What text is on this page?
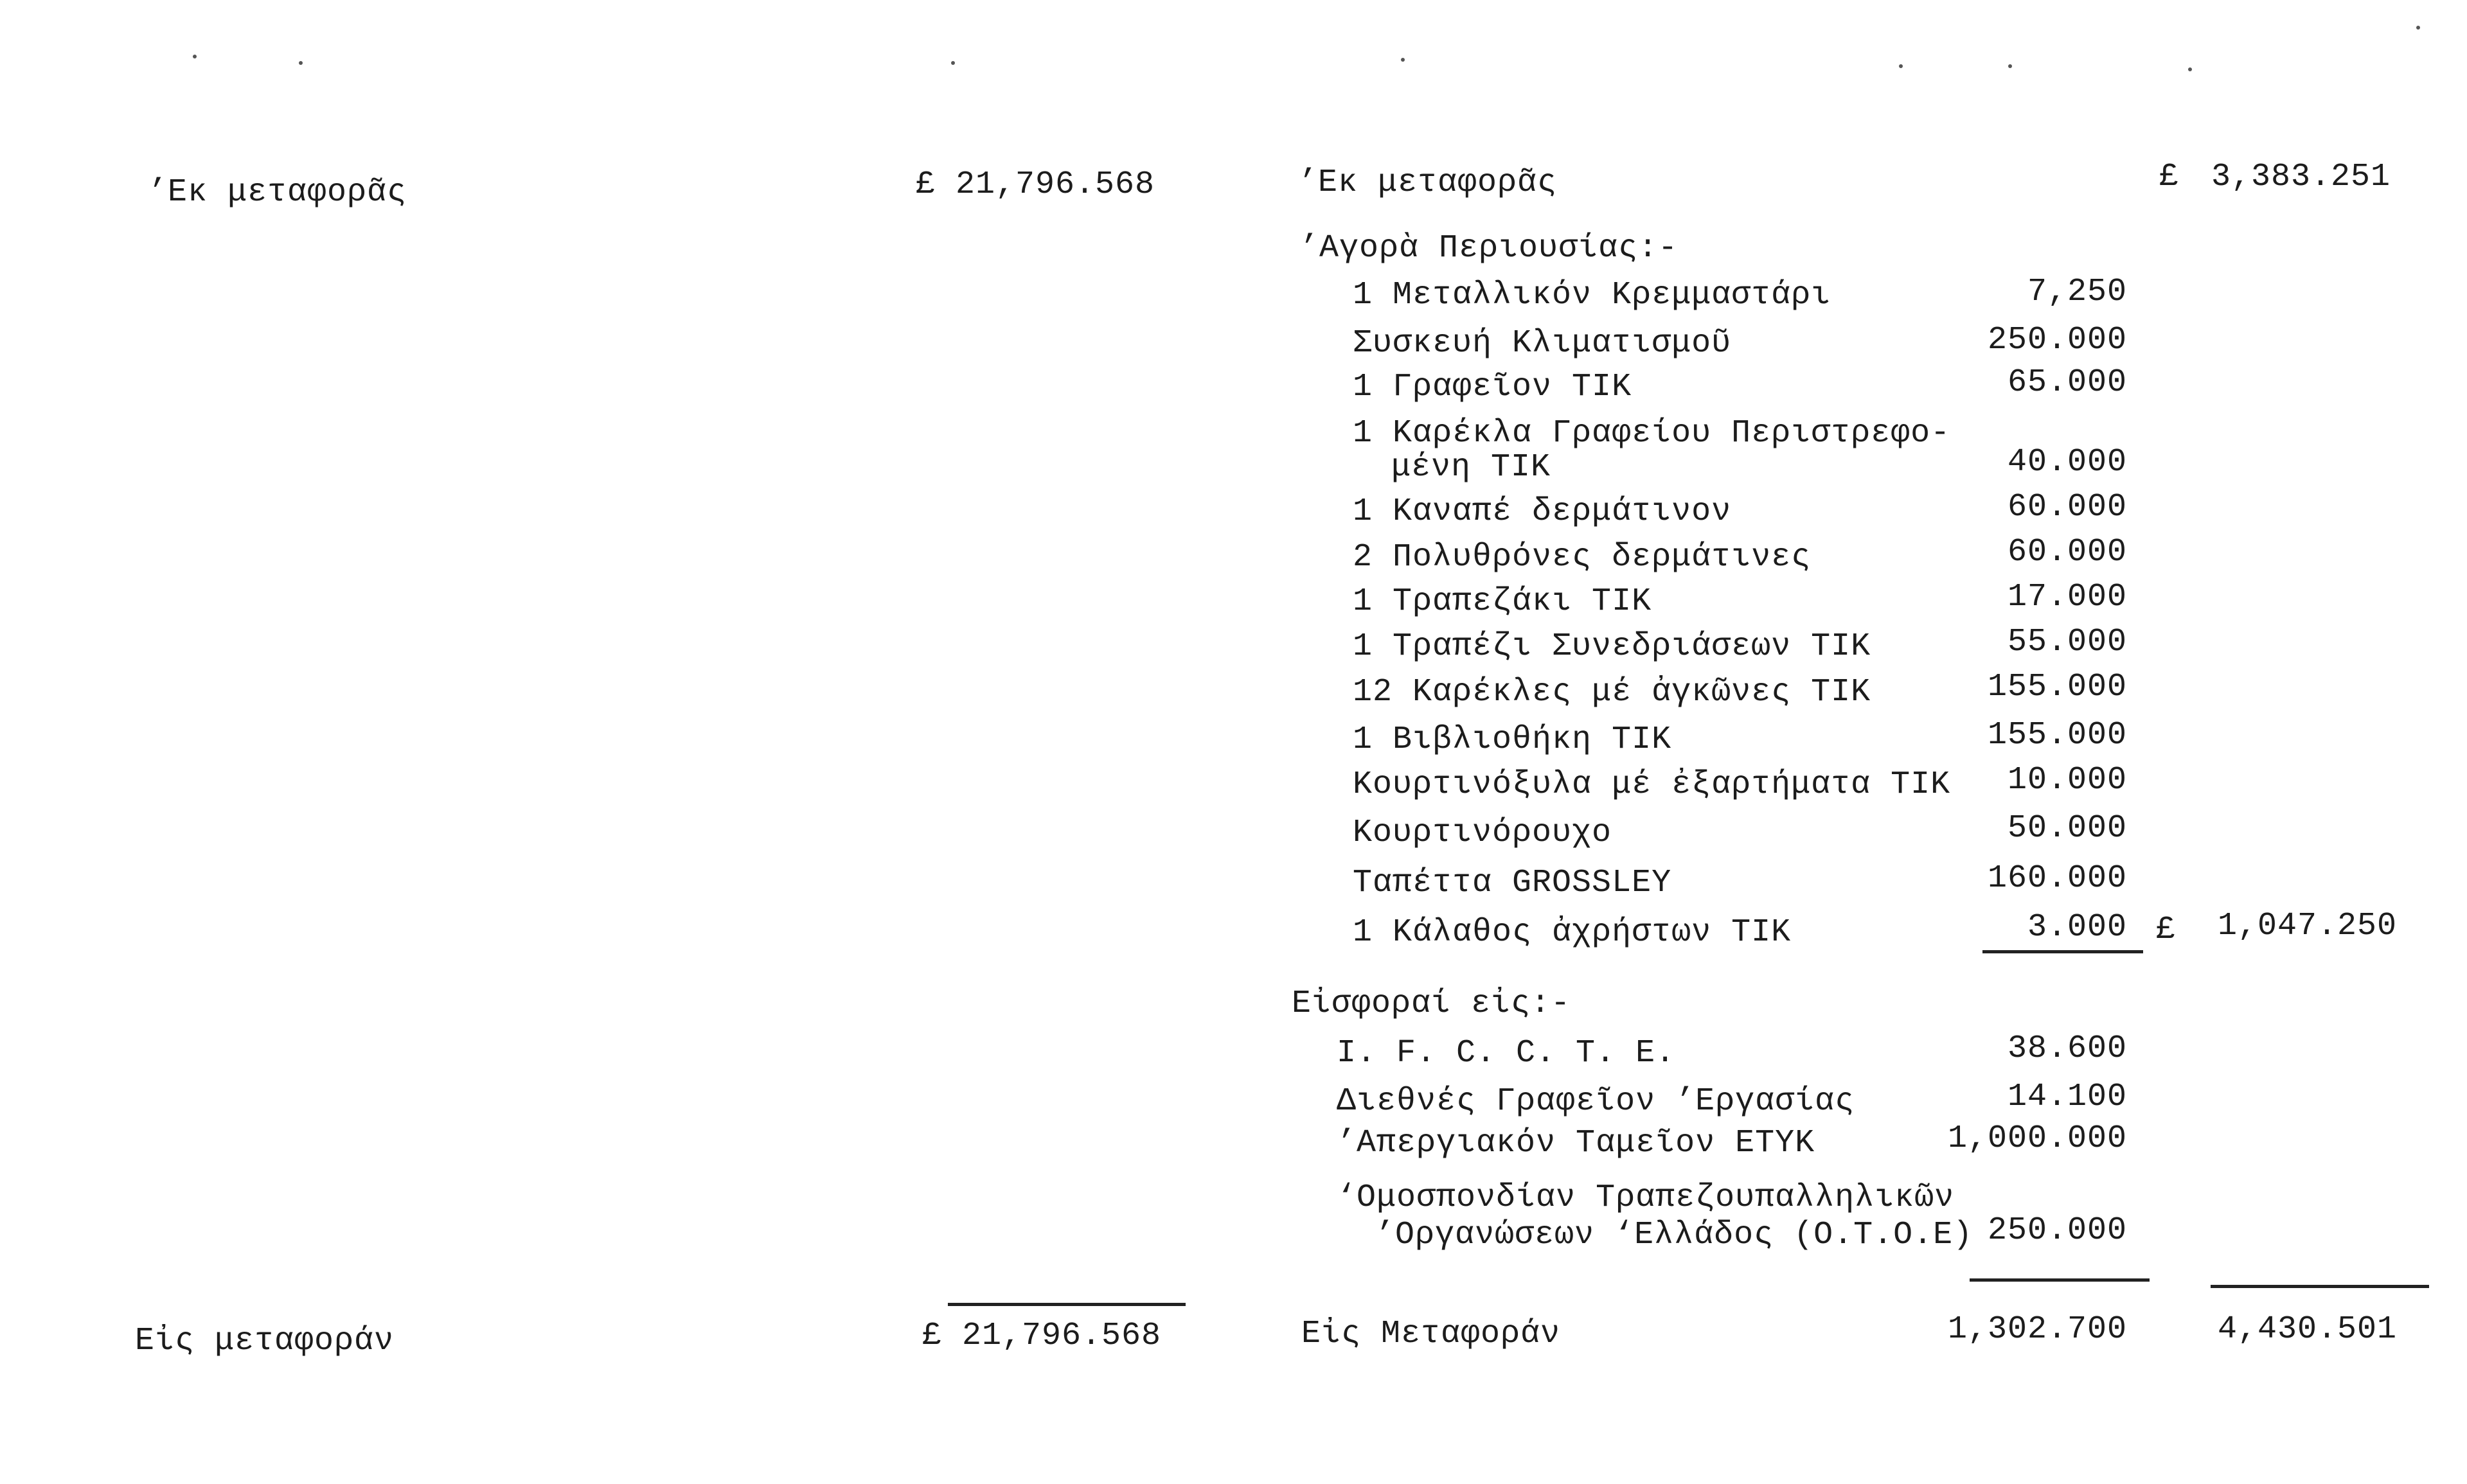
’Εκ μεταφορᾶς	£ 21,796.568
Εἰς μεταφοράν	£ 21,796.568
’Εκ μεταφορᾶς	£ 3,383.251
’Αγορὰ Περιουσίας:-
1 Μεταλλικόν Κρεμμαστάρι	7,250
Συσκευή Κλιματισμοῦ	250.000
1 Γραφεῖον ΤΙΚ	65.000
1 Καρέκλα Γραφείου Περιστρεφο-
μένη ΤΙΚ	40.000
1 Καναπέ δερμάτινον	60.000
2 Πολυθρόνες δερμάτινες	60.000
1 Τραπεζάκι ΤΙΚ	17.000
1 Τραπέζι Συνεδριάσεων ΤΙΚ	55.000
12 Καρέκλες μέ ἀγκῶνες ΤΙΚ	155.000
1 Βιβλιοθήκη ΤΙΚ	155.000
Κουρτινόξυλα μέ ἐξαρτήματα ΤΙΚ	10.000
Κουρτινόρουχο	50.000
Ταπέττα GROSSLEY	160.000
1 Κάλαθος ἀχρήστων ΤΙΚ	3.000 £	1,047.250
Εἰσφοραί εἰς:-
I. F. C. C. T. E.	38.600
Διεθνές Γραφεῖον ’Εργασίας	14.100
’Απεργιακόν Ταμεῖον ΕΤΥΚ	1,000.000
‘Ομοσπονδίαν Τραπεζουπαλληλικῶν
’Οργανώσεων ‘Ελλάδος (Ο.Τ.Ο.Ε) 250.000
Εἰς Μεταφοράν	1,302.700	4,430.501
